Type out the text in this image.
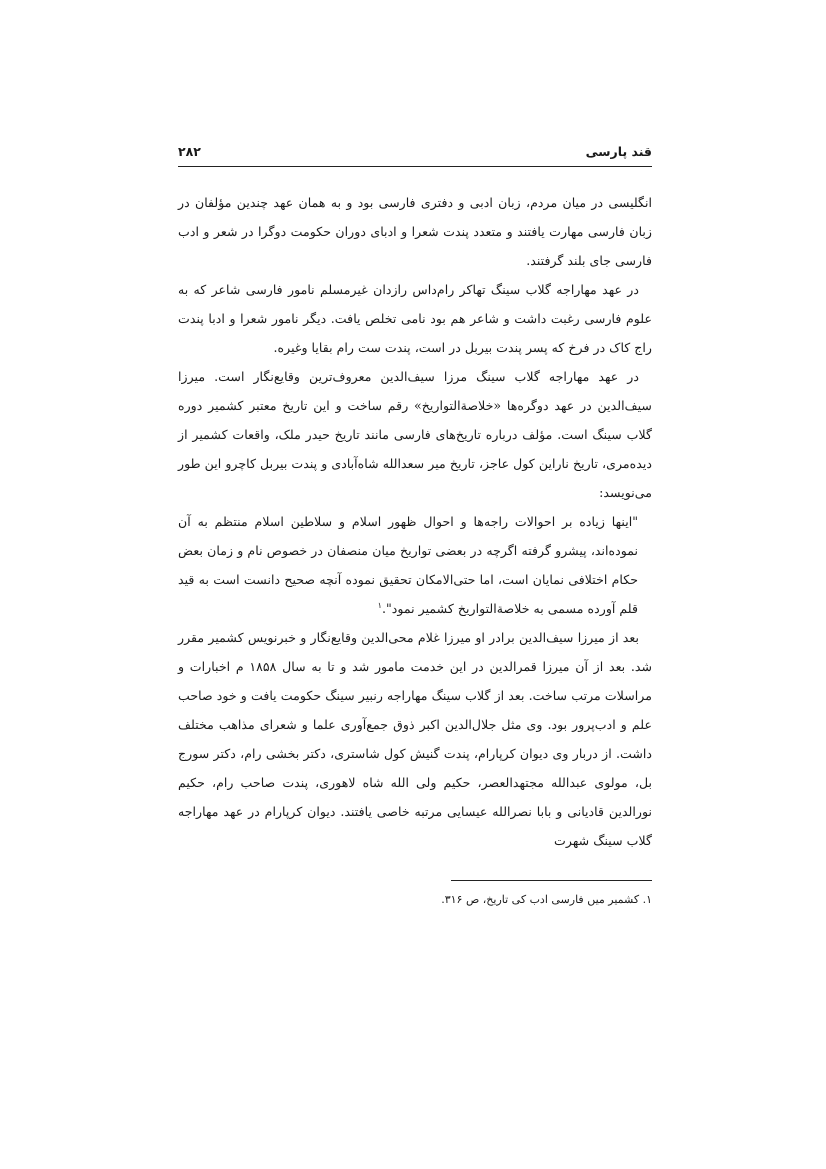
قند پارسی
۲۸۲

انگلیسی در میان مردم، زبان ادبی و دفتری فارسی بود و به همان عهد چندین مؤلفان در زبان فارسی مهارت یافتند و متعدد پندت شعرا و ادبای دوران حکومت دوگرا در شعر و ادب فارسی جای بلند گرفتند.

در عهد مهاراجه گلاب سینگ تهاکر رام‌داس رازدان غیرمسلم نامور فارسی شاعر که به علوم فارسی رغبت داشت و شاعر هم بود نامی تخلص یافت. دیگر نامور شعرا و ادبا پندت راج کاک در فرخ که پسر پندت بیربل در است، پندت ست رام بقایا وغیره.

در عهد مهاراجه گلاب سینگ مرزا سیف‌الدین معروف‌ترین وقایع‌نگار است. میرزا سیف‌الدین در عهد دوگره‌ها «خلاصة‌التواریخ» رقم ساخت و این تاریخ معتبر کشمیر دوره گلاب سینگ است. مؤلف درباره تاریخ‌های فارسی مانند تاریخ حیدر ملک، واقعات کشمیر از دیده‌مری، تاریخ ناراین کول عاجز، تاریخ میر سعدالله شاه‌آبادی و پندت بیربل کاچرو این طور می‌نویسد:

"اینها زیاده بر احوالات راجه‌ها و احوال ظهور اسلام و سلاطین اسلام منتظم به آن نموده‌اند، پیشرو گرفته اگرچه در بعضی تواریخ میان منصفان در خصوص نام و زمان بعض حکام اختلافی نمایان است، اما حتی‌الامکان تحقیق نموده آنچه صحیح دانست است به قید قلم آورده مسمی به خلاصة‌التواریخ کشمیر نمود".$^۱$

بعد از میرزا سیف‌الدین برادر او میرزا غلام محی‌الدین وقایع‌نگار و خبرنویس کشمیر مقرر شد. بعد از آن میرزا قمرالدین در این خدمت مامور شد و تا به سال ۱۸۵۸ م اخبارات و مراسلات مرتب ساخت. بعد از گلاب سینگ مهاراجه رنبیر سینگ حکومت یافت و خود صاحب علم و ادب‌پرور بود. وی مثل جلال‌الدین اکبر ذوق جمع‌آوری علما و شعرای مذاهب مختلف داشت. از دربار وی دیوان کرپارام، پندت گنیش کول شاستری، دکتر بخشی رام، دکتر سورج بل، مولوی عبدالله مجتهدالعصر، حکیم ولی الله شاه لاهوری، پندت صاحب رام، حکیم نورالدین قادیانی و بابا نصرالله عیسایی مرتبه خاصی یافتند. دیوان کرپارام در عهد مهاراجه گلاب سینگ شهرت

۱. کشمیر میں فارسی ادب کی تاریخ، ص ۳۱۶.
